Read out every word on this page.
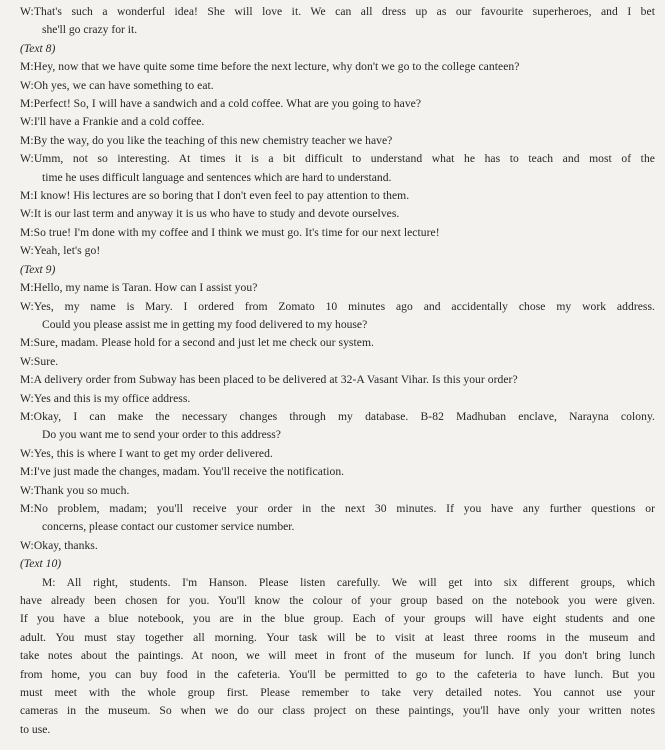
W: That's such a wonderful idea! She will love it. We can all dress up as our favourite superheroes, and I bet
she'll go crazy for it.
(Text 8)
M: Hey, now that we have quite some time before the next lecture, why don't we go to the college canteen?
W: Oh yes, we can have something to eat.
M: Perfect! So, I will have a sandwich and a cold coffee. What are you going to have?
W: I'll have a Frankie and a cold coffee.
M: By the way, do you like the teaching of this new chemistry teacher we have?
W: Umm, not so interesting. At times it is a bit difficult to understand what he has to teach and most of the
time he uses difficult language and sentences which are hard to understand.
M: I know! His lectures are so boring that I don't even feel to pay attention to them.
W: It is our last term and anyway it is us who have to study and devote ourselves.
M: So true! I'm done with my coffee and I think we must go. It's time for our next lecture!
W: Yeah, let's go!
(Text 9)
M: Hello, my name is Taran. How can I assist you?
W: Yes, my name is Mary. I ordered from Zomato 10 minutes ago and accidentally chose my work address.
Could you please assist me in getting my food delivered to my house?
M: Sure, madam. Please hold for a second and just let me check our system.
W: Sure.
M: A delivery order from Subway has been placed to be delivered at 32-A Vasant Vihar. Is this your order?
W: Yes and this is my office address.
M: Okay, I can make the necessary changes through my database. B-82 Madhuban enclave, Narayna colony.
Do you want me to send your order to this address?
W: Yes, this is where I want to get my order delivered.
M: I've just made the changes, madam. You'll receive the notification.
W: Thank you so much.
M: No problem, madam; you'll receive your order in the next 30 minutes. If you have any further questions or
concerns, please contact our customer service number.
W: Okay, thanks.
(Text 10)
M: All right, students. I'm Hanson. Please listen carefully. We will get into six different groups, which
have already been chosen for you. You'll know the colour of your group based on the notebook you were given.
If you have a blue notebook, you are in the blue group. Each of your groups will have eight students and one
adult. You must stay together all morning. Your task will be to visit at least three rooms in the museum and
take notes about the paintings. At noon, we will meet in front of the museum for lunch. If you don't bring lunch
from home, you can buy food in the cafeteria. You'll be permitted to go to the cafeteria to have lunch. But you
must meet with the whole group first. Please remember to take very detailed notes. You cannot use your
cameras in the museum. So when we do our class project on these paintings, you'll have only your written notes
to use.
